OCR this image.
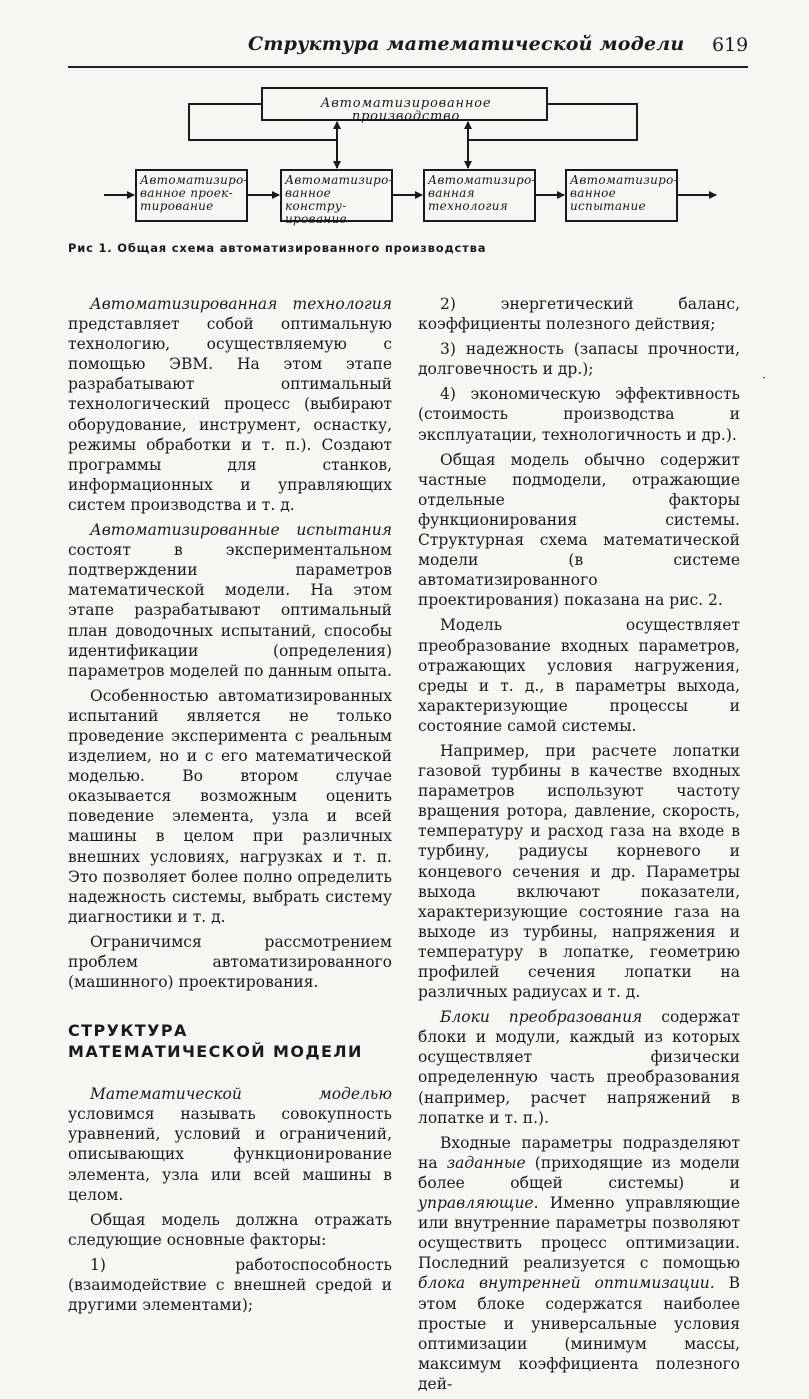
Структура математической модели 619
Автоматизированное производство
Автоматизиро-ванное проек-тирование
Автоматизиро-ванное констру-ирование
Автоматизиро-ванная технология
Автоматизиро-ванное испытание
Рис 1. Общая схема автоматизированного производства

Автоматизированная технология представляет собой оптимальную технологию, осуществляемую с помощью ЭВМ. На этом этапе разрабатывают оптимальный технологический процесс (выбирают оборудование, инструмент, оснастку, режимы обработки и т. п.). Создают программы для станков, информационных и управляющих систем производства и т. д.

Автоматизированные испытания состоят в экспериментальном подтверждении параметров математической модели. На этом этапе разрабатывают оптимальный план доводочных испытаний, способы идентификации (определения) параметров моделей по данным опыта.

Особенностью автоматизированных испытаний является не только проведение эксперимента с реальным изделием, но и с его математической моделью. Во втором случае оказывается возможным оценить поведение элемента, узла и всей машины в целом при различных внешних условиях, нагрузках и т. п. Это позволяет более полно определить надежность системы, выбрать систему диагностики и т. д.

Ограничимся рассмотрением проблем автоматизированного (машинного) проектирования.

СТРУКТУРА МАТЕМАТИЧЕСКОЙ МОДЕЛИ

Математической моделью условимся называть совокупность уравнений, условий и ограничений, описывающих функционирование элемента, узла или всей машины в целом.

Общая модель должна отражать следующие основные факторы:

1) работоспособность (взаимодействие с внешней средой и другими элементами);

2) энергетический баланс, коэффициенты полезного действия;

3) надежность (запасы прочности, долговечность и др.);

4) экономическую эффективность (стоимость производства и эксплуатации, технологичность и др.).

Общая модель обычно содержит частные подмодели, отражающие отдельные факторы функционирования системы. Структурная схема математической модели (в системе автоматизированного проектирования) показана на рис. 2.

Модель осуществляет преобразование входных параметров, отражающих условия нагружения, среды и т. д., в параметры выхода, характеризующие процессы и состояние самой системы.

Например, при расчете лопатки газовой турбины в качестве входных параметров используют частоту вращения ротора, давление, скорость, температуру и расход газа на входе в турбину, радиусы корневого и концевого сечения и др. Параметры выхода включают показатели, характеризующие состояние газа на выходе из турбины, напряжения и температуру в лопатке, геометрию профилей сечения лопатки на различных радиусах и т. д.

Блоки преобразования содержат блоки и модули, каждый из которых осуществляет физически определенную часть преобразования (например, расчет напряжений в лопатке и т. п.).

Входные параметры подразделяют на заданные (приходящие из модели более общей системы) и управляющие. Именно управляющие или внутренние параметры позволяют осуществить процесс оптимизации. Последний реализуется с помощью блока внутренней оптимизации. В этом блоке содержатся наиболее простые и универсальные условия оптимизации (минимум массы, максимум коэффициента полезного дей-

·
